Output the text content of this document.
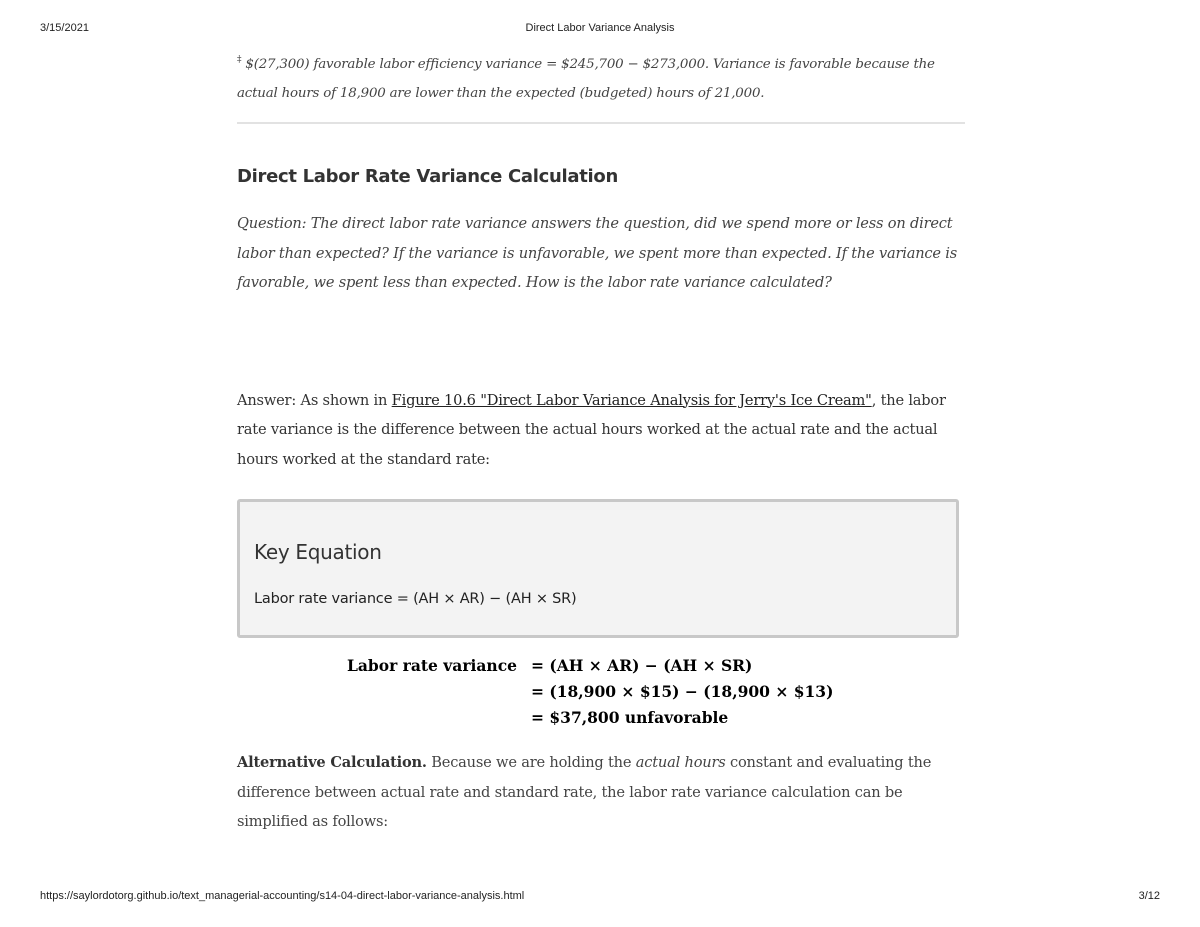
3/15/2021	Direct Labor Variance Analysis

‡ $(27,300) favorable labor efficiency variance = $245,700 − $273,000. Variance is favorable because the actual hours of 18,900 are lower than the expected (budgeted) hours of 21,000.

Direct Labor Rate Variance Calculation

Question: The direct labor rate variance answers the question, did we spend more or less on direct labor than expected? If the variance is unfavorable, we spent more than expected. If the variance is favorable, we spent less than expected. How is the labor rate variance calculated?

Answer: As shown in Figure 10.6 "Direct Labor Variance Analysis for Jerry's Ice Cream", the labor rate variance is the difference between the actual hours worked at the actual rate and the actual hours worked at the standard rate:

Key Equation
Labor rate variance = (AH × AR) − (AH × SR)
Labor rate variance = (AH × AR) − (AH × SR)
= (18,900 × $15) − (18,900 × $13)
= $37,800 unfavorable

Alternative Calculation. Because we are holding the actual hours constant and evaluating the difference between actual rate and standard rate, the labor rate variance calculation can be simplified as follows:

https://saylordotorg.github.io/text_managerial-accounting/s14-04-direct-labor-variance-analysis.html	3/12
